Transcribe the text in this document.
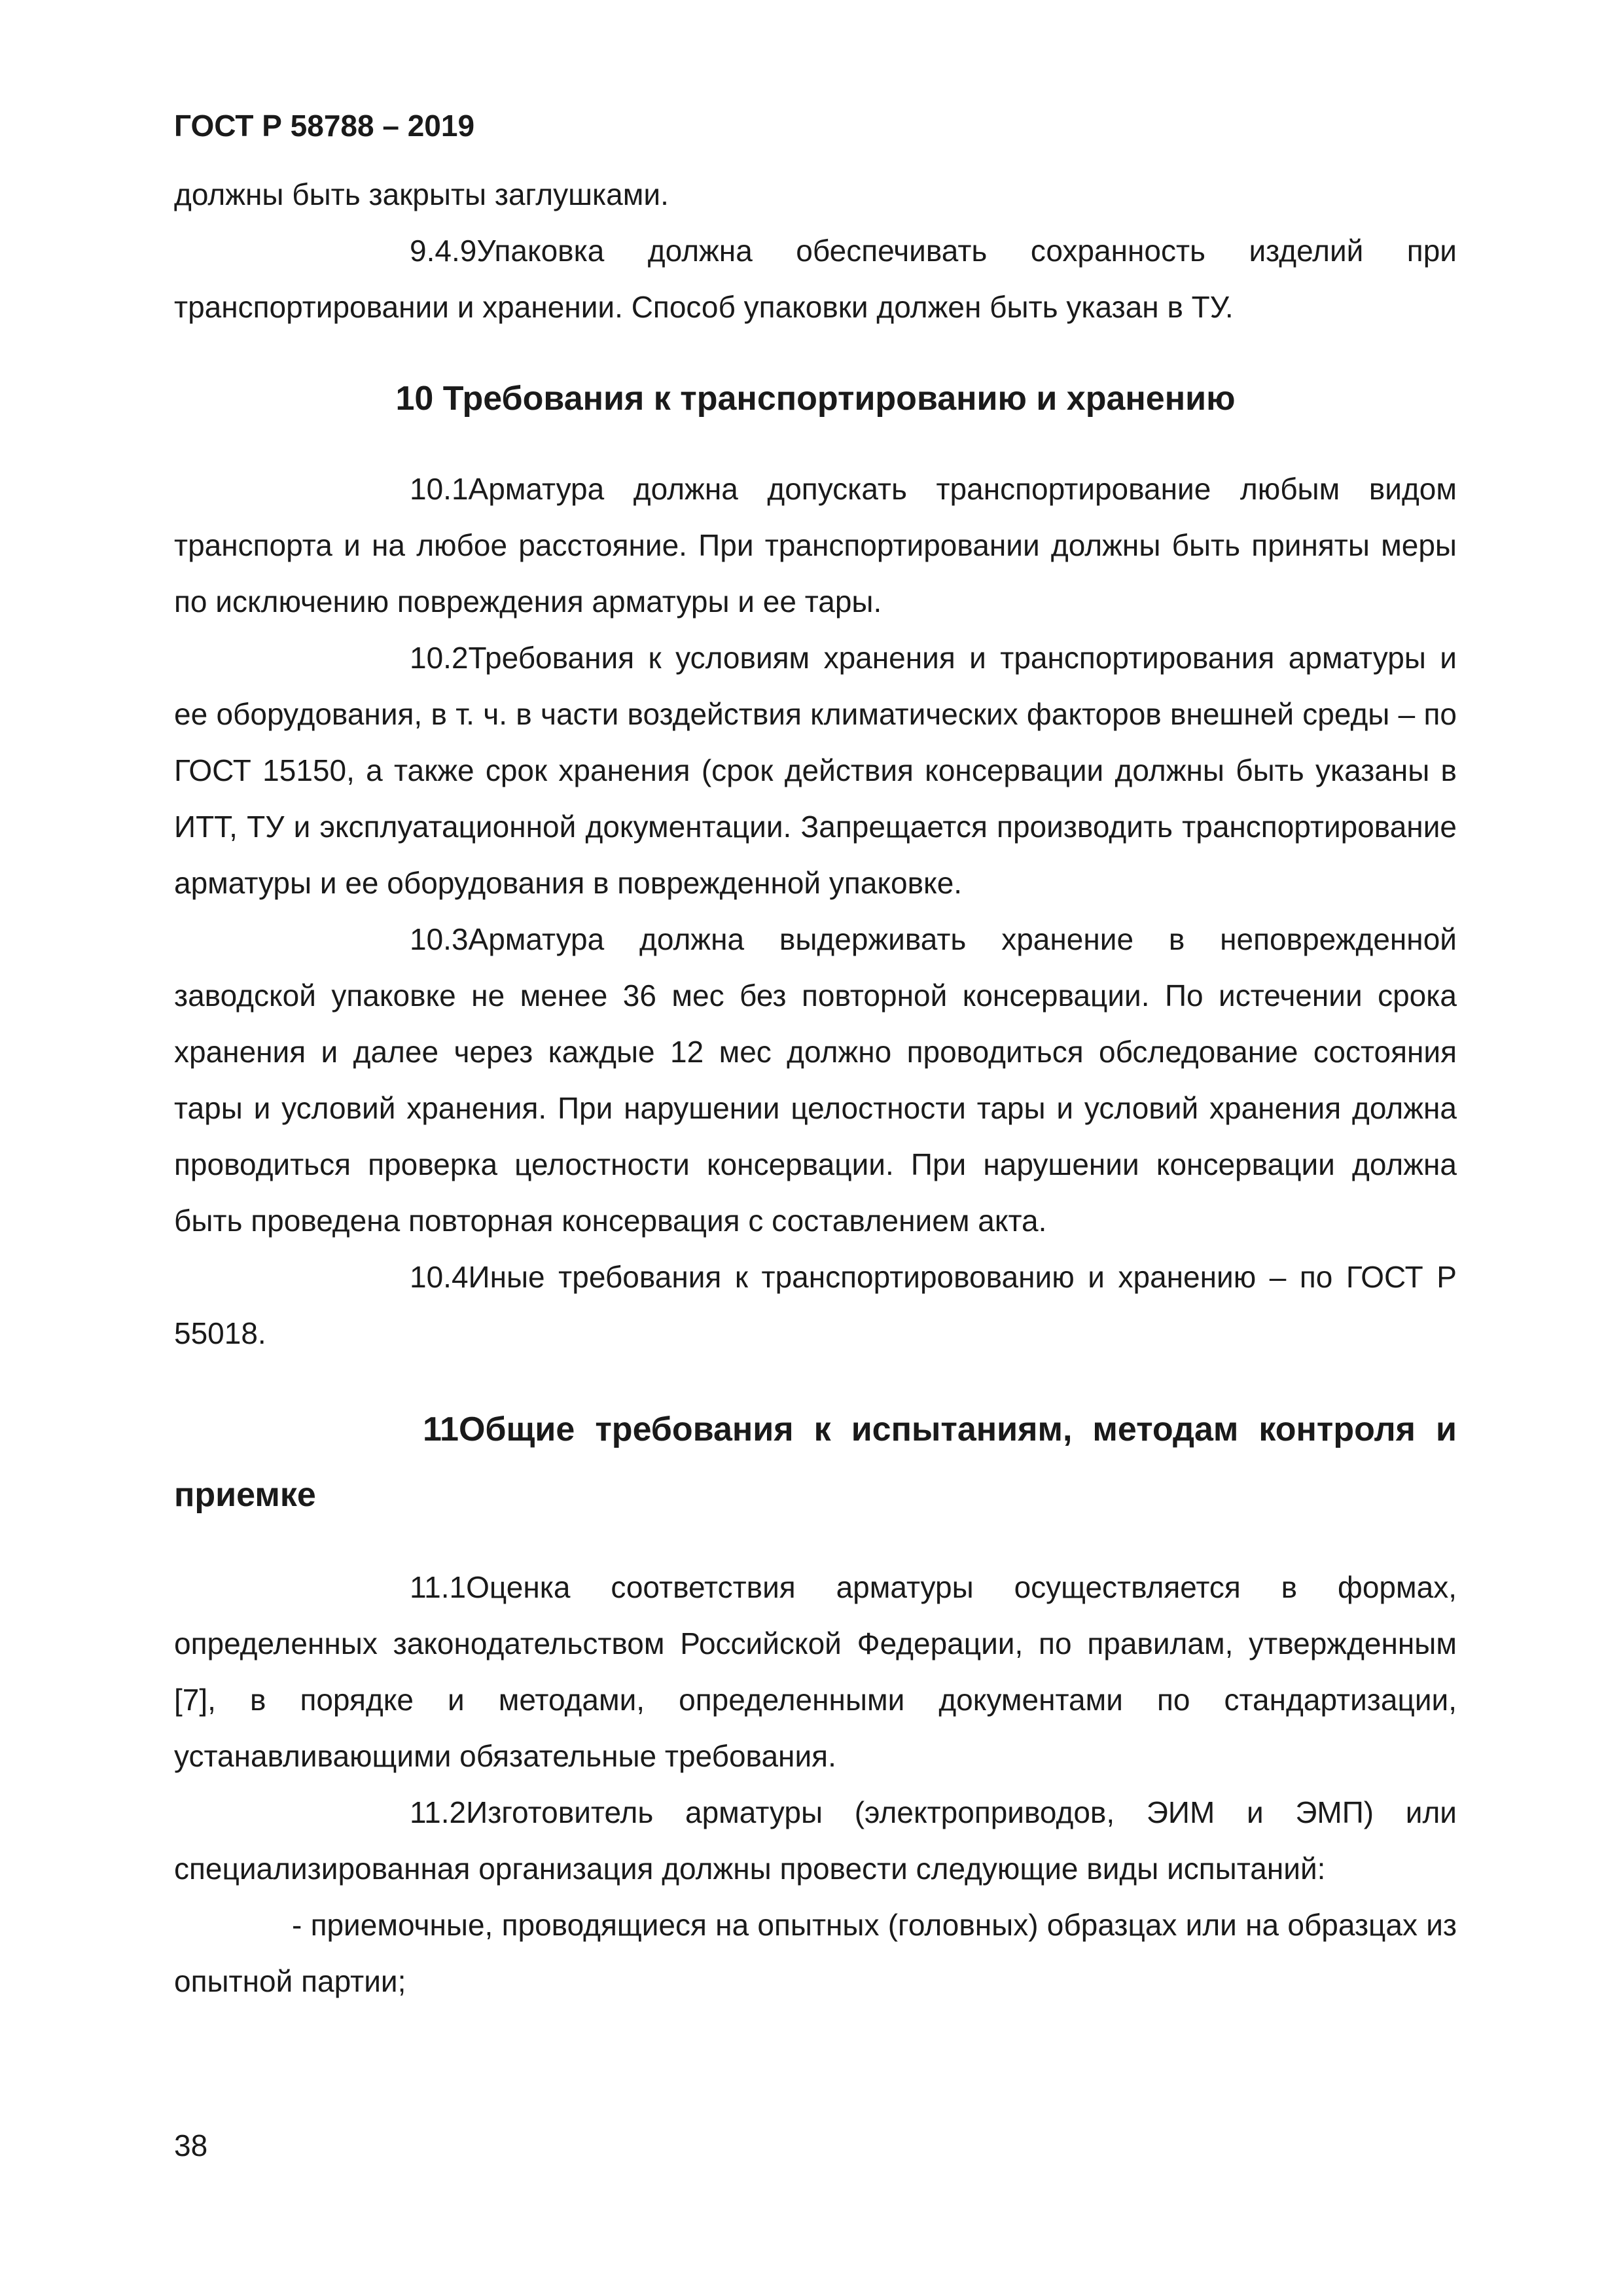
ГОСТ Р 58788 – 2019

должны быть закрыты заглушками.

9.4.9Упаковка должна обеспечивать сохранность изделий при транспортировании и хранении. Способ упаковки должен быть указан в ТУ.

10 Требования к транспортированию и хранению

10.1Арматура должна допускать транспортирование любым видом транспорта и на любое расстояние. При транспортировании должны быть приняты меры по исключению повреждения арматуры и ее тары.

10.2Требования к условиям хранения и транспортирования арматуры и ее оборудования, в т. ч. в части воздействия климатических факторов внешней среды – по ГОСТ 15150, а также срок хранения (срок действия консервации должны быть указаны в ИТТ, ТУ и эксплуатационной документации. Запрещается производить транспортирование арматуры и ее оборудования в поврежденной упаковке.

10.3Арматура должна выдерживать хранение в неповрежденной заводской упаковке не менее 36 мес без повторной консервации. По истечении срока хранения и далее через каждые 12 мес должно проводиться обследование состояния тары и условий хранения. При нарушении целостности тары и условий хранения должна проводиться проверка целостности консервации. При нарушении консервации должна быть проведена повторная консервация с составлением акта.

10.4Иные требования к транспортировованию и хранению – по ГОСТ Р 55018.

11Общие требования к испытаниям, методам контроля и приемке

11.1Оценка соответствия арматуры осуществляется в формах, определенных законодательством Российской Федерации, по правилам, утвержденным [7], в порядке и методами, определенными документами по стандартизации, устанавливающими обязательные требования.

11.2Изготовитель арматуры (электроприводов, ЭИМ и ЭМП) или специализированная организация должны провести следующие виды испытаний:

- приемочные, проводящиеся на опытных (головных) образцах или на образцах из опытной партии;

38
